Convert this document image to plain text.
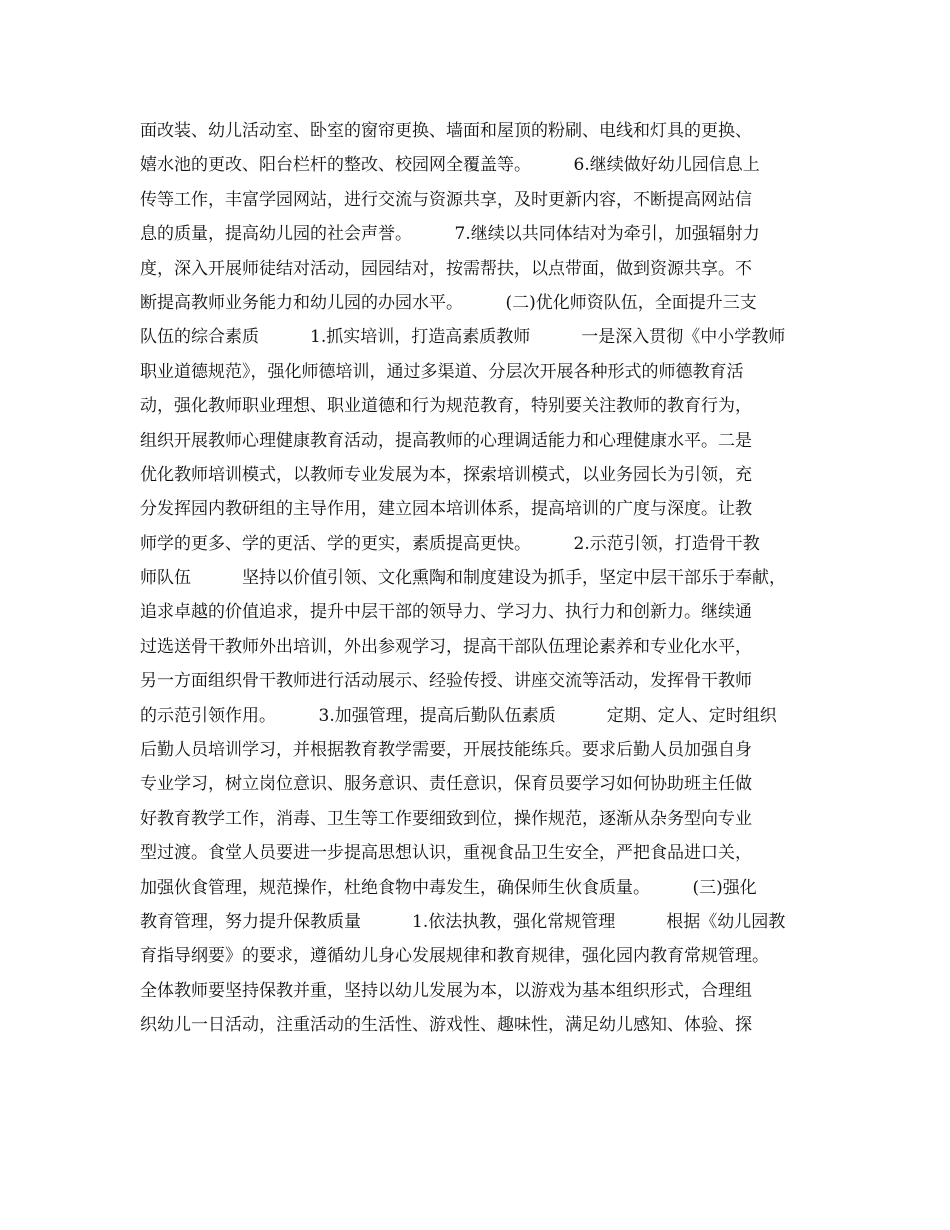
面改装、幼儿活动室、卧室的窗帘更换、墙面和屋顶的粉刷、电线和灯具的更换、
嬉水池的更改、阳台栏杆的整改、校园网全覆盖等。　　　6.继续做好幼儿园信息上
传等工作，丰富学园网站，进行交流与资源共享，及时更新内容，不断提高网站信
息的质量，提高幼儿园的社会声誉。　　　7.继续以共同体结对为牵引，加强辐射力
度，深入开展师徒结对活动，园园结对，按需帮扶，以点带面，做到资源共享。不
断提高教师业务能力和幼儿园的办园水平。　　　(二)优化师资队伍，全面提升三支
队伍的综合素质　　　1.抓实培训，打造高素质教师　　　一是深入贯彻《中小学教师
职业道德规范》，强化师德培训，通过多渠道、分层次开展各种形式的师德教育活
动，强化教师职业理想、职业道德和行为规范教育，特别要关注教师的教育行为，
组织开展教师心理健康教育活动，提高教师的心理调适能力和心理健康水平。二是
优化教师培训模式，以教师专业发展为本，探索培训模式，以业务园长为引领，充
分发挥园内教研组的主导作用，建立园本培训体系，提高培训的广度与深度。让教
师学的更多、学的更活、学的更实，素质提高更快。　　　2.示范引领，打造骨干教
师队伍　　　坚持以价值引领、文化熏陶和制度建设为抓手，坚定中层干部乐于奉献，
追求卓越的价值追求，提升中层干部的领导力、学习力、执行力和创新力。继续通
过选送骨干教师外出培训，外出参观学习，提高干部队伍理论素养和专业化水平，
另一方面组织骨干教师进行活动展示、经验传授、讲座交流等活动，发挥骨干教师
的示范引领作用。　　　3.加强管理，提高后勤队伍素质　　　定期、定人、定时组织
后勤人员培训学习，并根据教育教学需要，开展技能练兵。要求后勤人员加强自身
专业学习，树立岗位意识、服务意识、责任意识，保育员要学习如何协助班主任做
好教育教学工作，消毒、卫生等工作要细致到位，操作规范，逐渐从杂务型向专业
型过渡。食堂人员要进一步提高思想认识，重视食品卫生安全，严把食品进口关，
加强伙食管理，规范操作，杜绝食物中毒发生，确保师生伙食质量。　　　(三)强化
教育管理，努力提升保教质量　　　1.依法执教，强化常规管理　　　根据《幼儿园教
育指导纲要》的要求，遵循幼儿身心发展规律和教育规律，强化园内教育常规管理。
全体教师要坚持保教并重，坚持以幼儿发展为本，以游戏为基本组织形式，合理组
织幼儿一日活动，注重活动的生活性、游戏性、趣味性，满足幼儿感知、体验、探
